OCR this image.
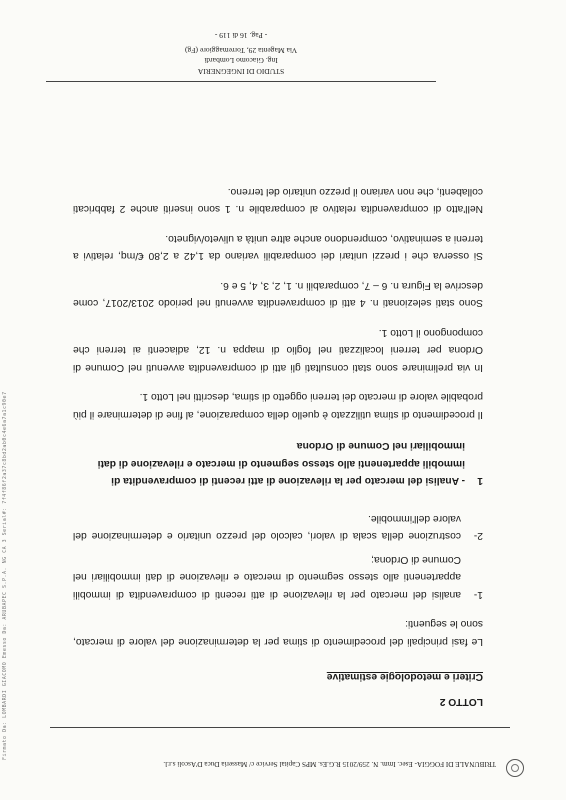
Firmato Da: LOMBARDI GIACOMO Emesso Da: ARUBAPEC S.P.A. NG CA 3 Serial#: 7f4f86f2a37c8bd2ab0c4e6a7a1c90e7
TRIBUNALE DI FOGGIA- Esec. Imm. N. 259/2015 R.G.Es. MPS Capital Service c/ Masseria Duca D'Ascoli s.r.l.
LOTTO 2
Criteri e metodologie estimative

Le fasi principali del procedimento di stima per la determinazione del valore di mercato, sono le seguenti:

1-
analisi del mercato per la rilevazione di atti recenti di compravendita di immobili appartenenti allo stesso segmento di mercato e rilevazione di dati immobiliari nel Comune di Ordona;
2-
costruzione della scala di valori, calcolo del prezzo unitario e determinazione del valore dell'immobile.
1
- Analisi del mercato per la rilevazione di atti recenti di compravendita di immobili appartenenti allo stesso segmento di mercato e rilevazione di dati immobiliari nel Comune di Ordona

Il procedimento di stima utilizzato è quello della comparazione, al fine di determinare il più probabile valore di mercato dei terreni oggetto di stima, descritti nel Lotto 1.

In via preliminare sono stati consultati gli atti di compravendita avvenuti nel Comune di Ordona per terreni localizzati nel foglio di mappa n. 12, adiacenti ai terreni che compongono il Lotto 1.

Sono stati selezionati n. 4 atti di compravendita avvenuti nel periodo 2013/2017, come descrive la Figura n. 6 – 7, comparabili n. 1, 2, 3, 4, 5 e 6.

Si osserva che i prezzi unitari dei comparabili variano da 1,42 a 2,80 €/mq, relativi a terreni a seminativo, comprendono anche altre unità a uliveto/vigneto.

Nell'atto di compravendita relativo al comparabile n. 1 sono inseriti anche 2 fabbricati collabenti, che non variano il prezzo unitario del terreno.

STUDIO DI INGEGNERIA
Ing. Giacomo Lombardi
Via Magenta 29, Torremaggiore (Fg)
- Pag. 16 di 119 -
